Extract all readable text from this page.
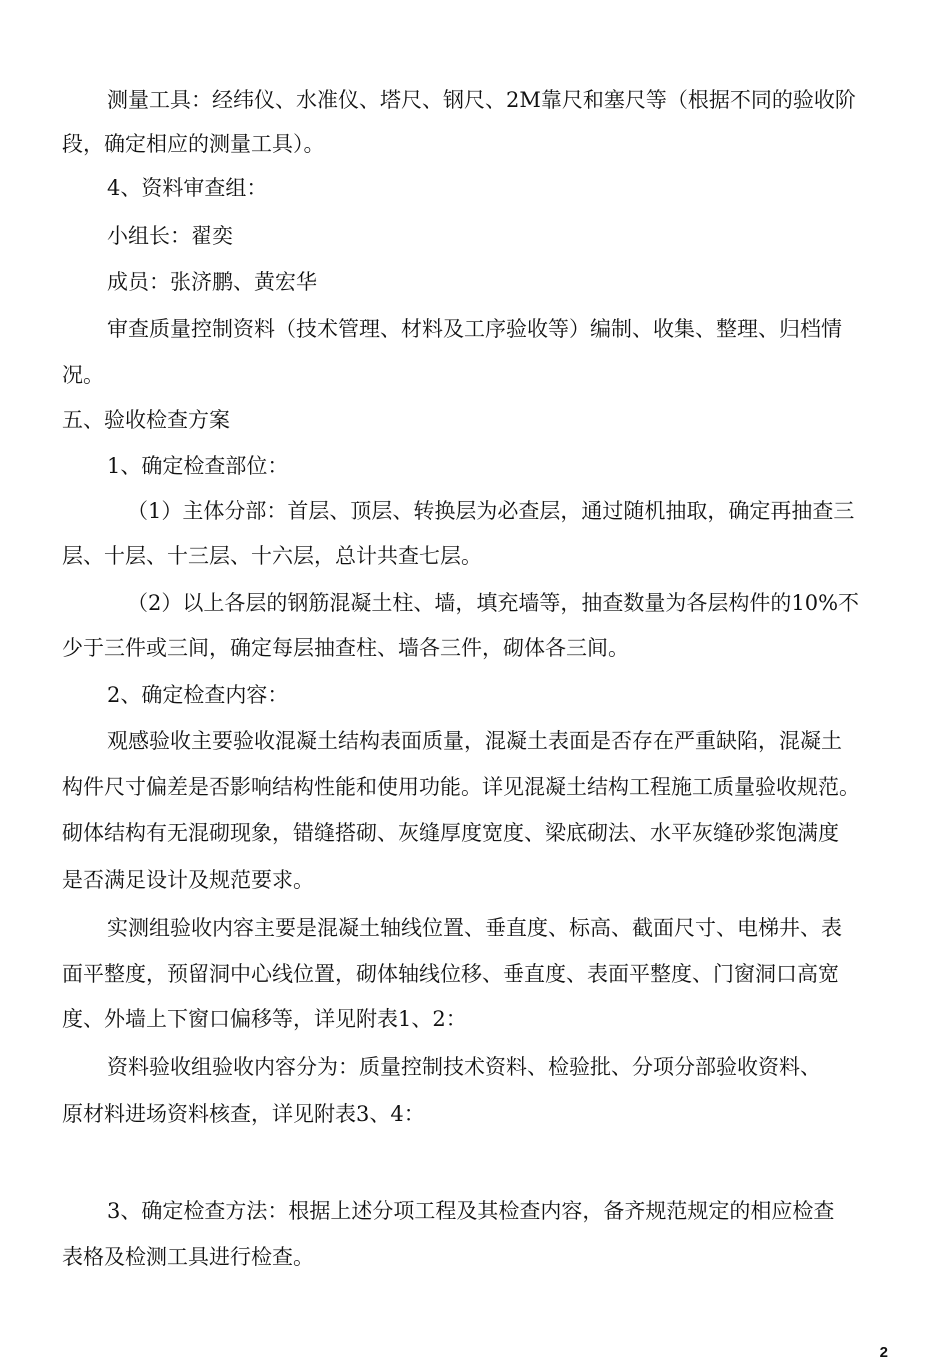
测量工具：经纬仪、水准仪、塔尺、钢尺、2M靠尺和塞尺等（根据不同的验收阶

段，确定相应的测量工具）。

4、资料审查组：

小组长：翟奕

成员：张济鹏、黄宏华

审查质量控制资料（技术管理、材料及工序验收等）编制、收集、整理、归档情

况。

五、验收检查方案

1、确定检查部位：

（1）主体分部：首层、顶层、转换层为必查层，通过随机抽取，确定再抽查三

层、十层、十三层、十六层，总计共查七层。

（2）以上各层的钢筋混凝土柱、墙，填充墙等，抽查数量为各层构件的10%不

少于三件或三间，确定每层抽查柱、墙各三件，砌体各三间。

2、确定检查内容：

观感验收主要验收混凝土结构表面质量，混凝土表面是否存在严重缺陷，混凝土

构件尺寸偏差是否影响结构性能和使用功能。详见混凝土结构工程施工质量验收规范。

砌体结构有无混砌现象，错缝搭砌、灰缝厚度宽度、梁底砌法、水平灰缝砂浆饱满度

是否满足设计及规范要求。

实测组验收内容主要是混凝土轴线位置、垂直度、标高、截面尺寸、电梯井、表

面平整度，预留洞中心线位置，砌体轴线位移、垂直度、表面平整度、门窗洞口高宽

度、外墙上下窗口偏移等，详见附表1、2：

资料验收组验收内容分为：质量控制技术资料、检验批、分项分部验收资料、

原材料进场资料核查，详见附表3、4：

3、确定检查方法：根据上述分项工程及其检查内容，备齐规范规定的相应检查

表格及检测工具进行检查。

2
